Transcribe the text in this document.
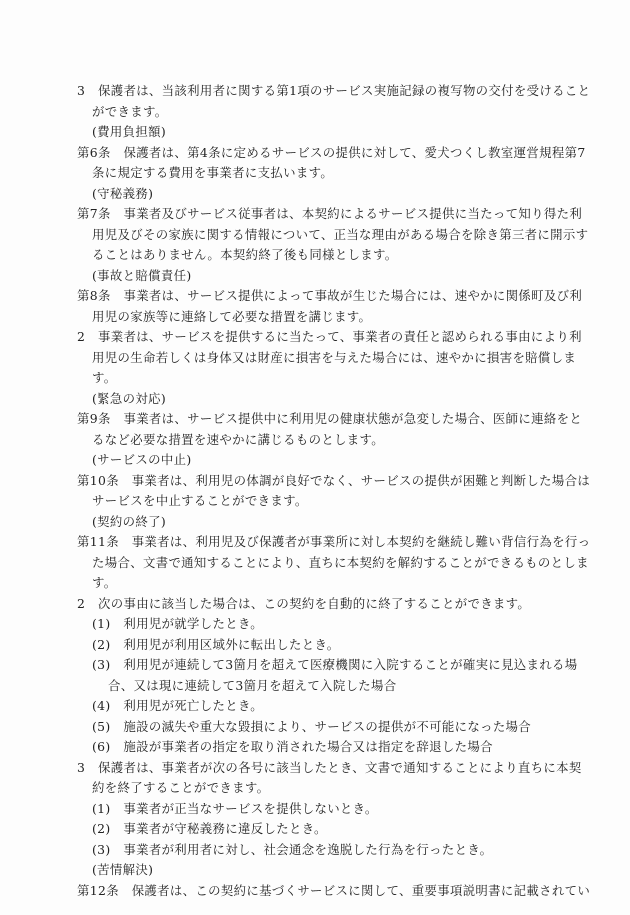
3　保護者は、当該利用者に関する第1項のサービス実施記録の複写物の交付を受けること
ができます。
(費用負担額)
第6条　保護者は、第4条に定めるサービスの提供に対して、愛犬つくし教室運営規程第7
条に規定する費用を事業者に支払います。
(守秘義務)
第7条　事業者及びサービス従事者は、本契約によるサービス提供に当たって知り得た利
用児及びその家族に関する情報について、正当な理由がある場合を除き第三者に開示す
ることはありません。本契約終了後も同様とします。
(事故と賠償責任)
第8条　事業者は、サービス提供によって事故が生じた場合には、速やかに関係町及び利
用児の家族等に連絡して必要な措置を講じます。
2　事業者は、サービスを提供するに当たって、事業者の責任と認められる事由により利
用児の生命若しくは身体又は財産に損害を与えた場合には、速やかに損害を賠償しま
す。
(緊急の対応)
第9条　事業者は、サービス提供中に利用児の健康状態が急変した場合、医師に連絡をと
るなど必要な措置を速やかに講じるものとします。
(サービスの中止)
第10条　事業者は、利用児の体調が良好でなく、サービスの提供が困難と判断した場合は
サービスを中止することができます。
(契約の終了)
第11条　事業者は、利用児及び保護者が事業所に対し本契約を継続し難い背信行為を行っ
た場合、文書で通知することにより、直ちに本契約を解約することができるものとしま
す。
2　次の事由に該当した場合は、この契約を自動的に終了することができます。
(1)　利用児が就学したとき。
(2)　利用児が利用区域外に転出したとき。
(3)　利用児が連続して3箇月を超えて医療機関に入院することが確実に見込まれる場
合、又は現に連続して3箇月を超えて入院した場合
(4)　利用児が死亡したとき。
(5)　施設の滅失や重大な毀損により、サービスの提供が不可能になった場合
(6)　施設が事業者の指定を取り消された場合又は指定を辞退した場合
3　保護者は、事業者が次の各号に該当したとき、文書で通知することにより直ちに本契
約を終了することができます。
(1)　事業者が正当なサービスを提供しないとき。
(2)　事業者が守秘義務に違反したとき。
(3)　事業者が利用者に対し、社会通念を逸脱した行為を行ったとき。
(苦情解決)
第12条　保護者は、この契約に基づくサービスに関して、重要事項説明書に記載されてい
